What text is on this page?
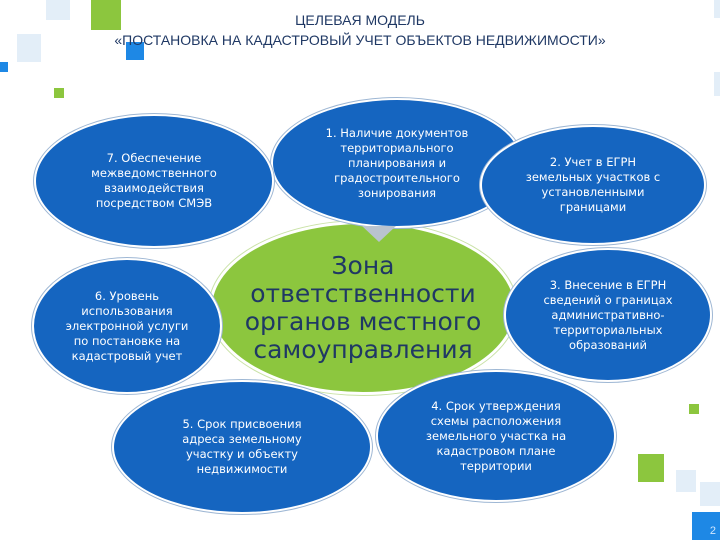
ЦЕЛЕВАЯ МОДЕЛЬ
«ПОСТАНОВКА НА КАДАСТРОВЫЙ УЧЕТ ОБЪЕКТОВ НЕДВИЖИМОСТИ»
Зона
ответственности
органов местного
самоуправления
1. Наличие документов
территориального
планирования и
градостроительного
зонирования
2. Учет в ЕГРН
земельных участков с
установленными
границами
3. Внесение в ЕГРН
сведений о границах
административно-
территориальных
образований
4. Срок утверждения
схемы расположения
земельного участка на
кадастровом плане
территории
5. Срок присвоения
адреса земельному
участку и объекту
недвижимости
6. Уровень
использования
электронной услуги
по постановке на
кадастровый учет
7. Обеспечение
межведомственного
взаимодействия
посредством СМЭВ
2
